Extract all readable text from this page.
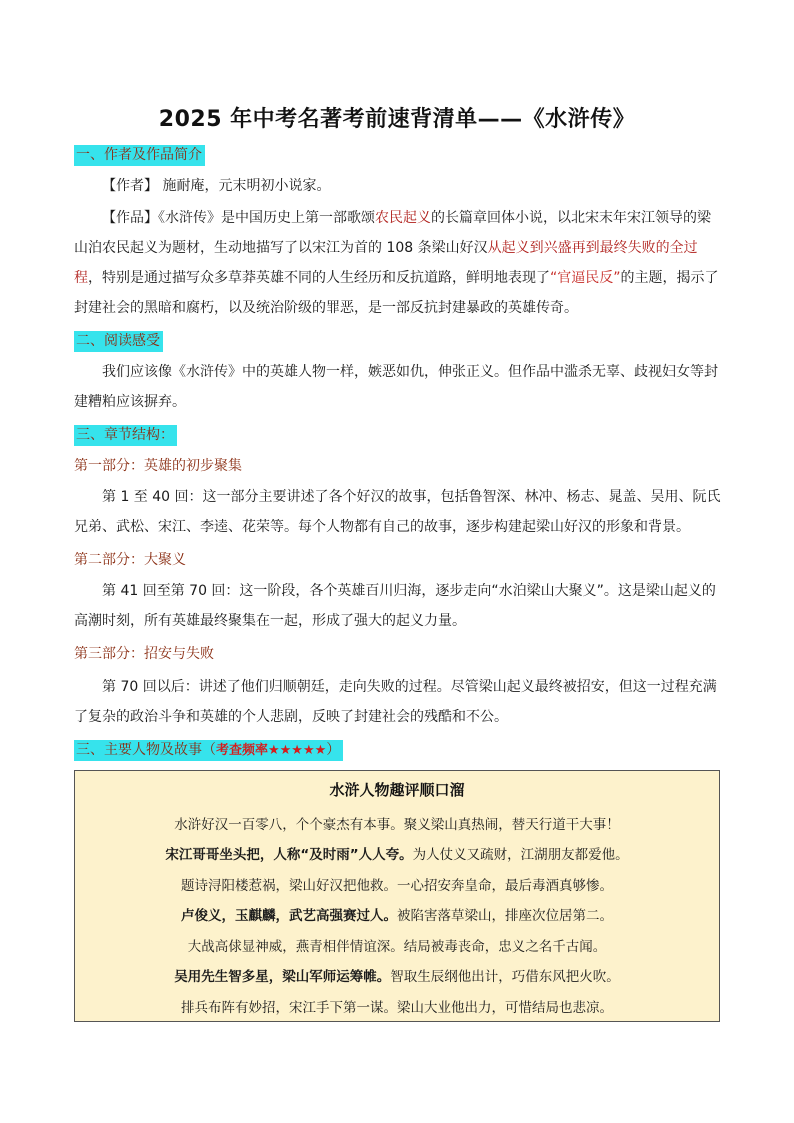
2025 年中考名著考前速背清单——《水浒传》
一、作者及作品简介
【作者】 施耐庵，元末明初小说家。
【作品】《水浒传》是中国历史上第一部歌颂农民起义的长篇章回体小说，以北宋末年宋江领导的梁山泊农民起义为题材，生动地描写了以宋江为首的 108 条梁山好汉从起义到兴盛再到最终失败的全过程，特别是通过描写众多草莽英雄不同的人生经历和反抗道路，鲜明地表现了“官逼民反”的主题，揭示了封建社会的黑暗和腐朽，以及统治阶级的罪恶，是一部反抗封建暴政的英雄传奇。
二、阅读感受
我们应该像《水浒传》中的英雄人物一样，嫉恶如仇，伸张正义。但作品中滥杀无辜、歧视妇女等封建糟粕应该摒弃。
三、章节结构：
第一部分：英雄的初步聚集
第 1 至 40 回：这一部分主要讲述了各个好汉的故事，包括鲁智深、林冲、杨志、晁盖、吴用、阮氏兄弟、武松、宋江、李逵、花荣等。每个人物都有自己的故事，逐步构建起梁山好汉的形象和背景。
第二部分：大聚义
第 41 回至第 70 回：这一阶段，各个英雄百川归海，逐步走向“水泊梁山大聚义”。这是梁山起义的高潮时刻，所有英雄最终聚集在一起，形成了强大的起义力量。
第三部分：招安与失败
第 70 回以后：讲述了他们归顺朝廷，走向失败的过程。尽管梁山起义最终被招安，但这一过程充满了复杂的政治斗争和英雄的个人悲剧，反映了封建社会的残酷和不公。
三、主要人物及故事（考查频率★★★★★）
水浒人物趣评顺口溜
水浒好汉一百零八，个个豪杰有本事。聚义梁山真热闹，替天行道干大事！
宋江哥哥坐头把，人称“及时雨”人人夸。为人仗义又疏财，江湖朋友都爱他。
题诗浔阳楼惹祸，梁山好汉把他救。一心招安奔皇命，最后毒酒真够惨。
卢俊义，玉麒麟，武艺高强赛过人。被陷害落草梁山，排座次位居第二。
大战高俅显神威，燕青相伴情谊深。结局被毒丧命，忠义之名千古闻。
吴用先生智多星，梁山军师运筹帷。智取生辰纲他出计，巧借东风把火吹。
排兵布阵有妙招，宋江手下第一谋。梁山大业他出力，可惜结局也悲凉。
